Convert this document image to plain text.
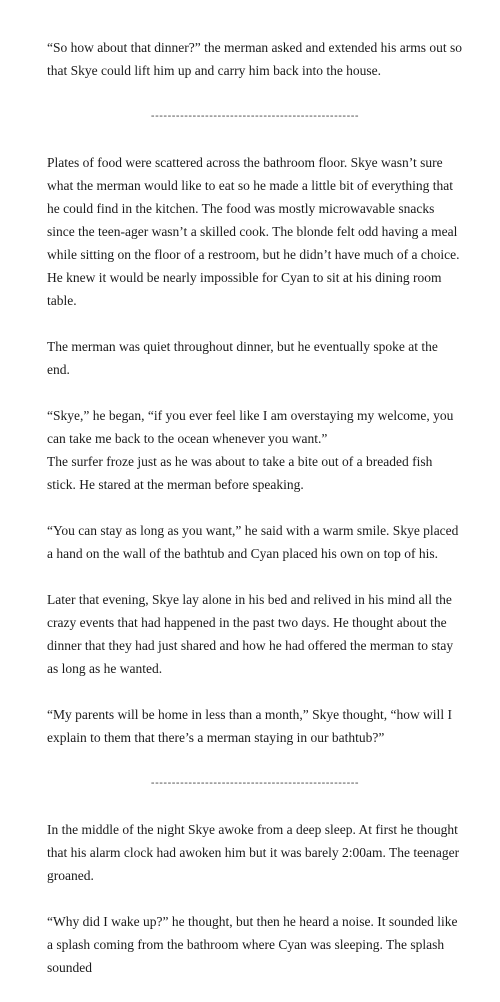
“So how about that dinner?” the merman asked and extended his arms out so that Skye could lift him up and carry him back into the house.

--------------------------------------------------

Plates of food were scattered across the bathroom floor. Skye wasn’t sure what the merman would like to eat so he made a little bit of everything that he could find in the kitchen. The food was mostly microwavable snacks since the teen-ager wasn’t a skilled cook. The blonde felt odd having a meal while sitting on the floor of a restroom, but he didn’t have much of a choice. He knew it would be nearly impossible for Cyan to sit at his dining room table.

The merman was quiet throughout dinner, but he eventually spoke at the end.

“Skye,” he began, “if you ever feel like I am overstaying my welcome, you can take me back to the ocean whenever you want.”

The surfer froze just as he was about to take a bite out of a breaded fish stick. He stared at the merman before speaking.

“You can stay as long as you want,” he said with a warm smile. Skye placed a hand on the wall of the bathtub and Cyan placed his own on top of his.

Later that evening, Skye lay alone in his bed and relived in his mind all the crazy events that had happened in the past two days. He thought about the dinner that they had just shared and how he had offered the merman to stay as long as he wanted.

“My parents will be home in less than a month,” Skye thought, “how will I explain to them that there’s a merman staying in our bathtub?”

--------------------------------------------------

In the middle of the night Skye awoke from a deep sleep. At first he thought that his alarm clock had awoken him but it was barely 2:00am. The teenager groaned.

“Why did I wake up?” he thought, but then he heard a noise. It sounded like a splash coming from the bathroom where Cyan was sleeping. The splash sounded
